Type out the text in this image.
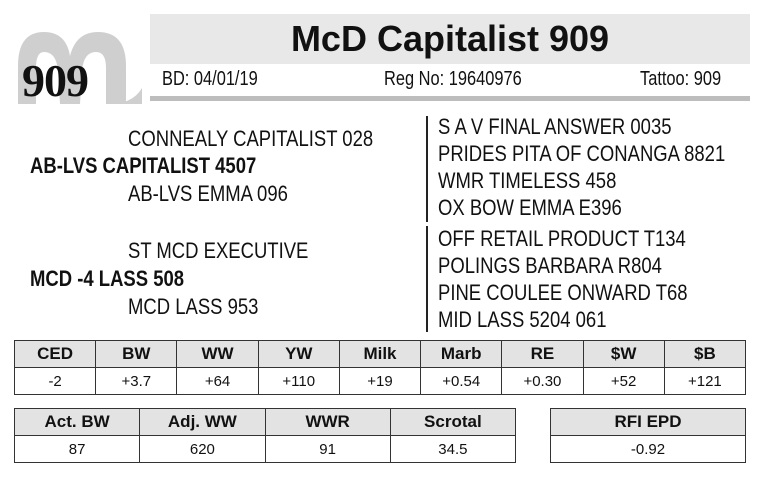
909
McD Capitalist 909
BD: 04/01/19	Reg No: 19640976	Tattoo: 909
CONNEALY CAPITALIST 028
AB-LVS CAPITALIST 4507
AB-LVS EMMA 096
ST MCD EXECUTIVE
MCD -4 LASS 508
MCD LASS 953
S A V FINAL ANSWER 0035
PRIDES PITA OF CONANGA 8821
WMR TIMELESS 458
OX BOW EMMA E396
OFF RETAIL PRODUCT T134
POLINGS BARBARA R804
PINE COULEE ONWARD T68
MID LASS 5204 061
CED	BW	WW	YW	Milk	Marb	RE	$W	$B
-2	+3.7	+64	+110	+19	+0.54	+0.30	+52	+121
Act. BW	Adj. WW	WWR	Scrotal
87	620	91	34.5
RFI EPD
-0.92
